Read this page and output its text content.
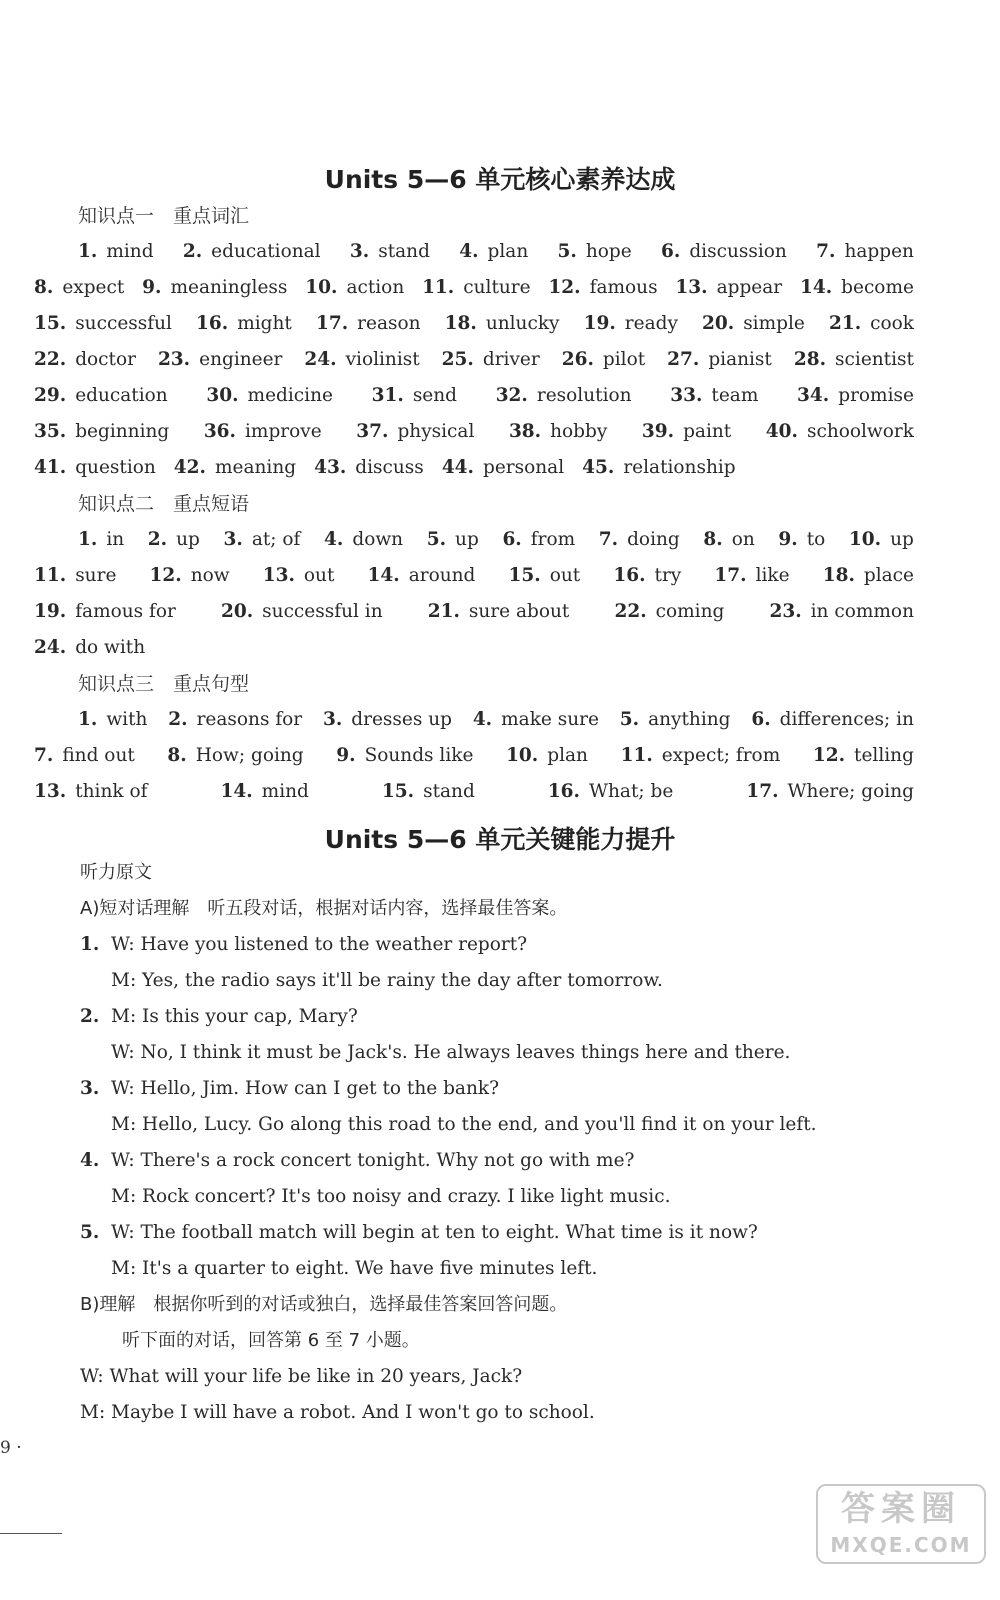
Units 5—6 单元核心素养达成
知识点一　重点词汇
1. mind 2. educational 3. stand 4. plan 5. hope 6. discussion 7. happen
8. expect 9. meaningless 10. action 11. culture 12. famous 13. appear 14. become
15. successful 16. might 17. reason 18. unlucky 19. ready 20. simple 21. cook
22. doctor 23. engineer 24. violinist 25. driver 26. pilot 27. pianist 28. scientist
29. education 30. medicine 31. send 32. resolution 33. team 34. promise
35. beginning 36. improve 37. physical 38. hobby 39. paint 40. schoolwork
41. question 42. meaning 43. discuss 44. personal 45. relationship
知识点二　重点短语
1. in 2. up 3. at; of 4. down 5. up 6. from 7. doing 8. on 9. to 10. up
11. sure 12. now 13. out 14. around 15. out 16. try 17. like 18. place
19. famous for 20. successful in 21. sure about 22. coming 23. in common
24. do with
知识点三　重点句型
1. with 2. reasons for 3. dresses up 4. make sure 5. anything 6. differences; in
7. find out 8. How; going 9. Sounds like 10. plan 11. expect; from 12. telling
13. think of	14. mind	15. stand	16. What; be	17. Where; going
Units 5—6 单元关键能力提升
听力原文
A)短对话理解　听五段对话，根据对话内容，选择最佳答案。
1. W: Have you listened to the weather report?
M: Yes, the radio says it'll be rainy the day after tomorrow.
2. M: Is this your cap, Mary?
W: No, I think it must be Jack's. He always leaves things here and there.
3. W: Hello, Jim. How can I get to the bank?
M: Hello, Lucy. Go along this road to the end, and you'll find it on your left.
4. W: There's a rock concert tonight. Why not go with me?
M: Rock concert? It's too noisy and crazy. I like light music.
5. W: The football match will begin at ten to eight. What time is it now?
M: It's a quarter to eight. We have five minutes left.
B)理解　根据你听到的对话或独白，选择最佳答案回答问题。
听下面的对话，回答第 6 至 7 小题。
W: What will your life be like in 20 years, Jack?
M: Maybe I will have a robot. And I won't go to school.
9 ·
答案圈
MXQE.COM
